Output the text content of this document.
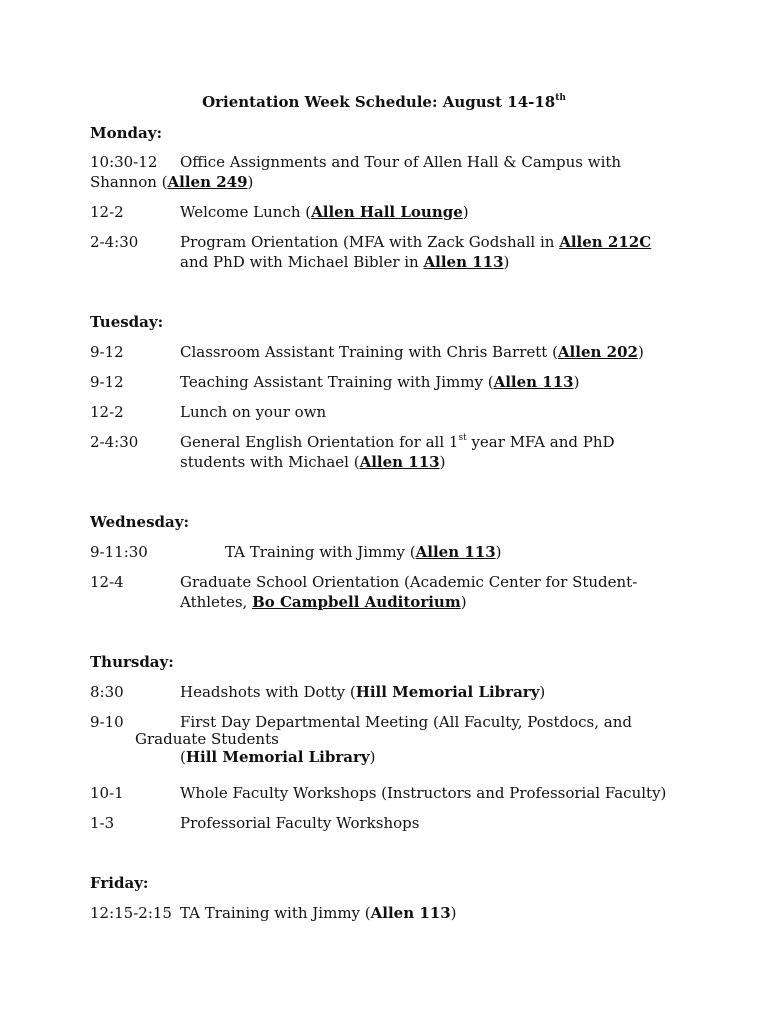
Orientation Week Schedule: August 14-18th
Monday:
10:30-12 Office Assignments and Tour of Allen Hall & Campus with
Shannon (Allen 249)
12-2	Welcome Lunch (Allen Hall Lounge)
2-4:30	Program Orientation (MFA with Zack Godshall in Allen 212C
and PhD with Michael Bibler in Allen 113)
Tuesday:
9-12	Classroom Assistant Training with Chris Barrett (Allen 202)
9-12	Teaching Assistant Training with Jimmy (Allen 113)
12-2	Lunch on your own
2-4:30	General English Orientation for all 1st year MFA and PhD
students with Michael (Allen 113)
Wednesday:
9-11:30	TA Training with Jimmy (Allen 113)
12-4	Graduate School Orientation (Academic Center for Student-
Athletes, Bo Campbell Auditorium)
Thursday:
8:30	Headshots with Dotty (Hill Memorial Library)
9-10	First Day Departmental Meeting (All Faculty, Postdocs, and
Graduate Students
(Hill Memorial Library)
10-1	Whole Faculty Workshops (Instructors and Professorial Faculty)
1-3	Professorial Faculty Workshops
Friday:
12:15-2:15 TA Training with Jimmy (Allen 113)
